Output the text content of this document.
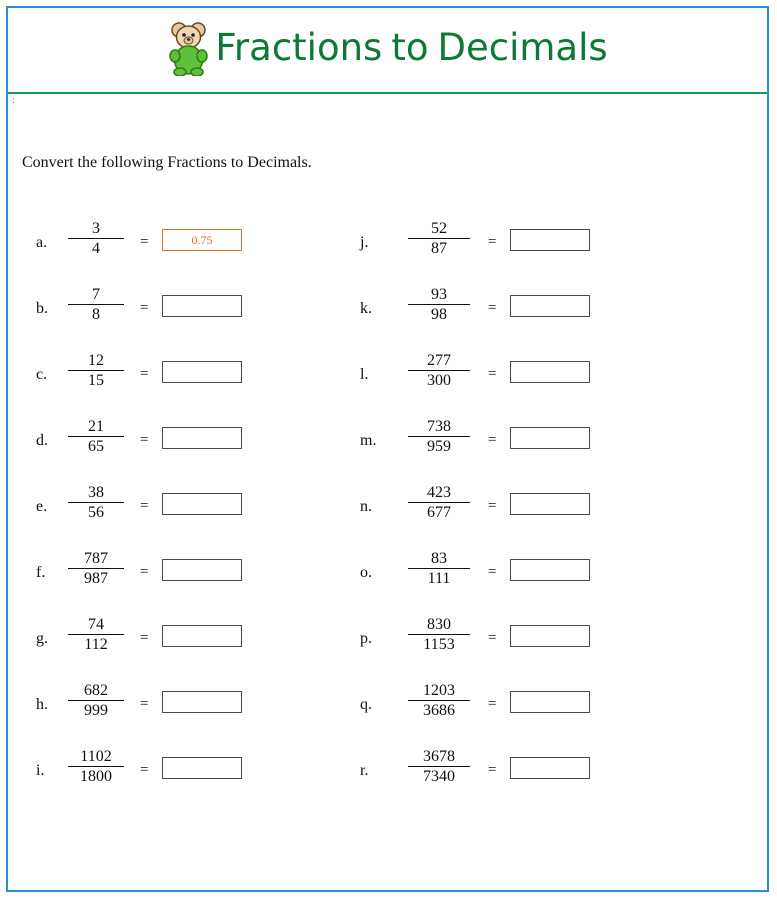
Fractions to Decimals
:
Convert the following Fractions to Decimals.
a.	$\frac{3}{4}$ =	0.75
b.	$\frac{7}{8}$ =
c.	$\frac{12}{15}$ =
d.	$\frac{21}{65}$ =
e.	$\frac{38}{56}$ =
f.	$\frac{787}{987}$ =
g.	$\frac{74}{112}$ =
h.	$\frac{682}{999}$ =
i.	$\frac{1102}{1800}$ =
j.	$\frac{52}{87}$ =
k.	$\frac{93}{98}$ =
l.	$\frac{277}{300}$ =
m.	$\frac{738}{959}$ =
n.	$\frac{423}{677}$ =
o.	$\frac{83}{111}$ =
p.	$\frac{830}{1153}$ =
q.	$\frac{1203}{3686}$ =
r.	$\frac{3678}{7340}$ =
